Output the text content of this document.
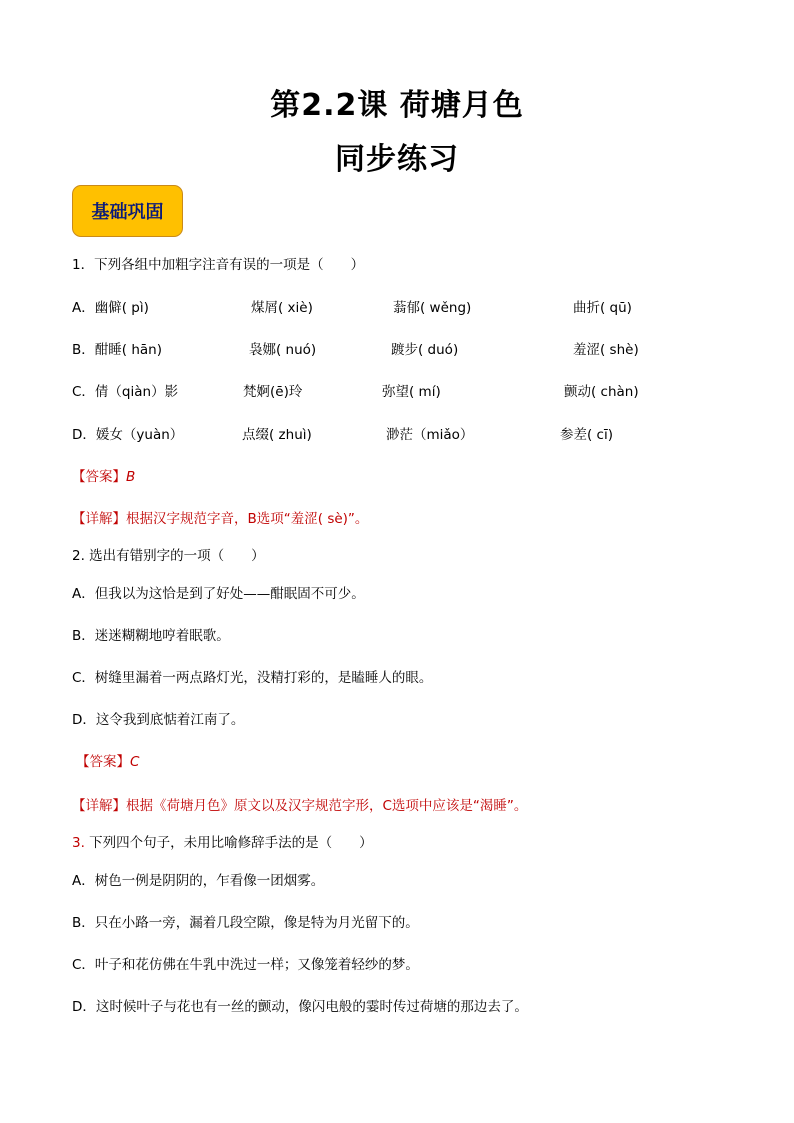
第2.2课 荷塘月色
同步练习
基础巩固
1．下列各组中加粗字注音有误的一项是（　　）
A．幽僻( pì)	煤屑( xiè)	蓊郁( wěng)	曲折( qū)
B．酣睡( hān)	袅娜( nuó)	踱步( duó)	羞涩( shè)
C．倩（qiàn）影	梵婀(ē)玲	弥望( mí)	颤动( chàn)
D．媛女（yuàn）	点缀( zhuì)	渺茫（miǎo）	参差( cī)
【答案】B
【详解】根据汉字规范字音，B选项“羞涩( sè)”。
2. 选出有错别字的一项（　　）
A．但我以为这恰是到了好处——酣眠固不可少。
B．迷迷糊糊地哼着眠歌。
C．树缝里漏着一两点路灯光，没精打彩的，是瞌睡人的眼。
D．这令我到底惦着江南了。
【答案】C
【详解】根据《荷塘月色》原文以及汉字规范字形，C选项中应该是“渴睡”。
3. 下列四个句子，未用比喻修辞手法的是（　　）
A．树色一例是阴阴的，乍看像一团烟雾。
B．只在小路一旁，漏着几段空隙，像是特为月光留下的。
C．叶子和花仿佛在牛乳中洗过一样；又像笼着轻纱的梦。
D．这时候叶子与花也有一丝的颤动，像闪电般的霎时传过荷塘的那边去了。
